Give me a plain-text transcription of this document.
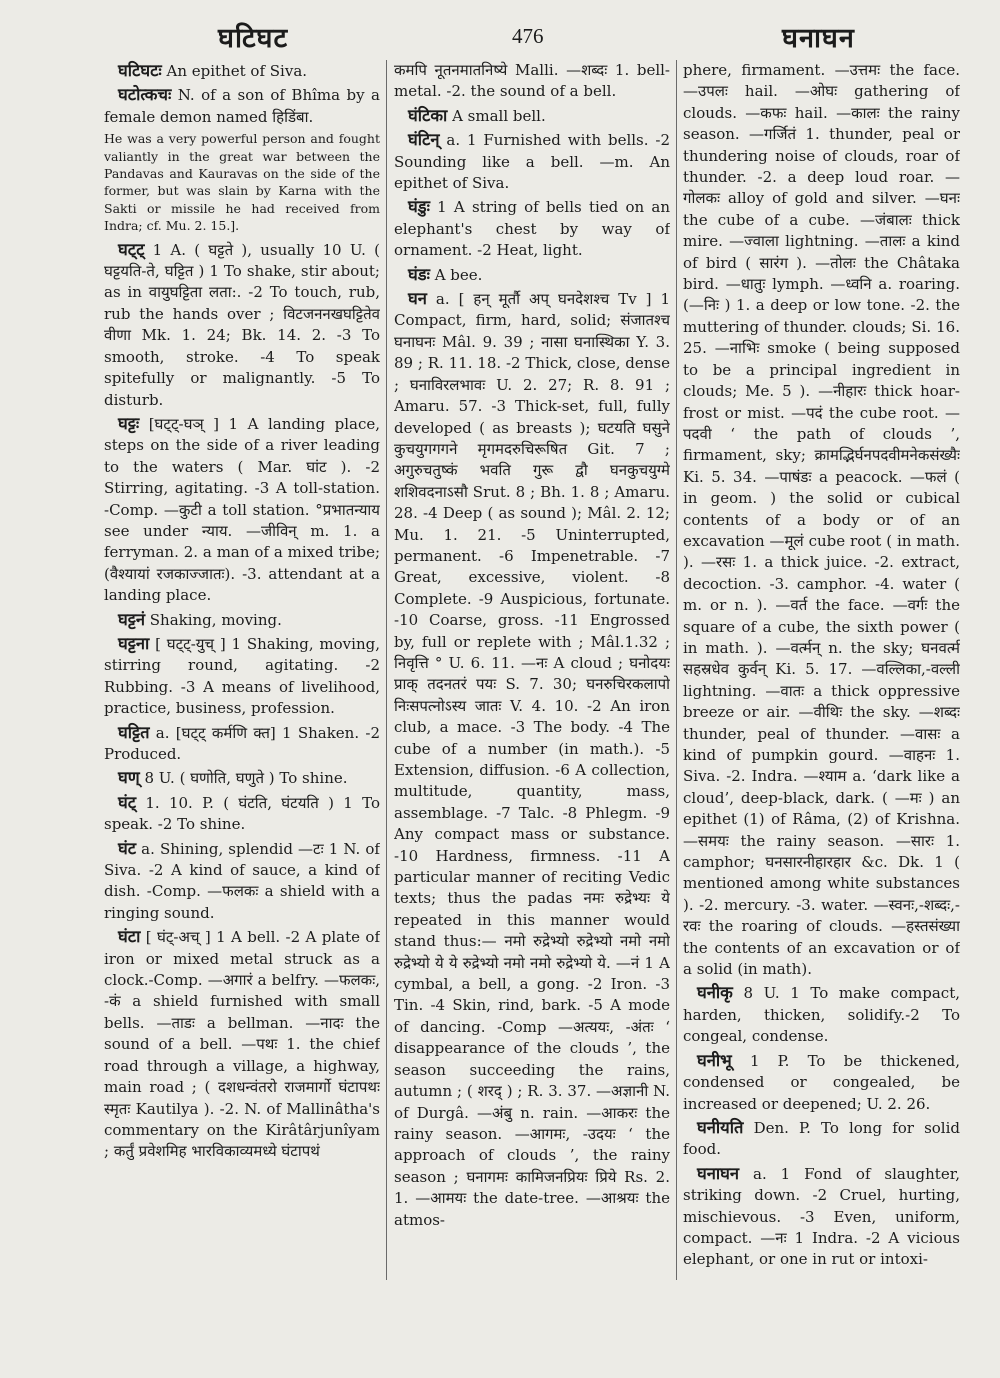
घटिघट	476	घनाघन

घटिघटः An epithet of Siva.

घटोत्कचः N. of a son of Bhîma by a female demon named हिडिंबा.

He was a very powerful person and fought valiantly in the great war between the Pandavas and Kauravas on the side of the former, but was slain by Karna with the Sakti or missile he had received from Indra; cf. Mu. 2. 15.].

घट्ट् 1 A. ( घट्टते ), usually 10 U. ( घट्टयति-ते, घट्टित ) 1 To shake, stir about; as in वायुघट्टिता लता:. -2 To touch, rub, rub the hands over ; विटजननखघट्टितेव वीणा Mk. 1. 24; Bk. 14. 2. -3 To smooth, stroke. -4 To speak spitefully or malignantly. -5 To disturb.

घट्टः [घट्ट्-घञ् ] 1 A landing place, steps on the side of a river leading to the waters ( Mar. घांट ). -2 Stirring, agitating. -3 A toll-station. -Comp. —कुटी a toll station. °प्रभातन्याय see under न्याय. —जीविन् m. 1. a ferryman. 2. a man of a mixed tribe; (वैश्यायां रजकाज्जातः). -3. attendant at a landing place.

घट्टनं Shaking, moving.

घट्टना [ घट्ट्-युच् ] 1 Shaking, moving, stirring round, agitating. -2 Rubbing. -3 A means of livelihood, practice, business, profession.

घट्टित a. [घट्ट् कर्मणि क्त] 1 Shaken. -2 Produced.

घण् 8 U. ( घणोति, घणुते ) To shine.

घंट् 1. 10. P. ( घंटति, घंटयति ) 1 To speak. -2 To shine.

घंट a. Shining, splendid —टः 1 N. of Siva. -2 A kind of sauce, a kind of dish. -Comp. —फलकः a shield with a ringing sound.

घंटा [ घंट्-अच् ] 1 A bell. -2 A plate of iron or mixed metal struck as a clock.-Comp. —अगारं a belfry. —फलकः, -कं a shield furnished with small bells. —ताडः a bellman. —नादः the sound of a bell. —पथः 1. the chief road through a village, a highway, main road ; ( दशधन्वंतरो राजमार्गो घंटापथः स्मृतः Kautilya ). -2. N. of Mallinâtha's commentary on the Kirâtârjunîyam ; कर्तुं प्रवेशमिह भारविकाव्यमध्ये घंटापथं

कमपि नूतनमातनिष्ये Malli. —शब्दः 1. bell-metal. -2. the sound of a bell.

घंटिका A small bell.

घंटिन् a. 1 Furnished with bells. -2 Sounding like a bell. —m. An epithet of Siva.

घंडुः 1 A string of bells tied on an elephant's chest by way of ornament. -2 Heat, light.

घंडः A bee.

घन a. [ हन् मूर्तौ अप् घनदेशश्च Tv ] 1 Compact, firm, hard, solid; संजातश्च घनाघनः Mâl. 9. 39 ; नासा घनास्थिका Y. 3. 89 ; R. 11. 18. -2 Thick, close, dense ; घनाविरलभावः U. 2. 27; R. 8. 91 ; Amaru. 57. -3 Thick-set, full, fully developed ( as breasts ); घटयति घसुने कुचयुगगगने मृगमदरुचिरूषित Git. 7 ; अगुरुचतुष्कं भवति गुरू द्वौ घनकुचयुग्मे शशिवदनाऽसौ Srut. 8 ; Bh. 1. 8 ; Amaru. 28. -4 Deep ( as sound ); Mâl. 2. 12; Mu. 1. 21. -5 Uninterrupted, permanent. -6 Impenetrable. -7 Great, excessive, violent. -8 Complete. -9 Auspicious, fortunate. -10 Coarse, gross. -11 Engrossed by, full or replete with ; Mâl.1.32 ; निवृत्ति ° U. 6. 11. —नः A cloud ; घनोदयः प्राक् तदनतरं पयः S. 7. 30; घनरुचिरकलापो निःसपत्नोऽस्य जातः V. 4. 10. -2 An iron club, a mace. -3 The body. -4 The cube of a number (in math.). -5 Extension, diffusion. -6 A collection, multitude, quantity, mass, assemblage. -7 Talc. -8 Phlegm. -9 Any compact mass or substance. -10 Hardness, firmness. -11 A particular manner of reciting Vedic texts; thus the padas नमः रुद्रेभ्यः ये repeated in this manner would stand thus:— नमो रुद्रेभ्यो रुद्रेभ्यो नमो नमो रुद्रेभ्यो ये ये रुद्रेभ्यो नमो नमो रुद्रेभ्यो ये. —नं 1 A cymbal, a bell, a gong. -2 Iron. -3 Tin. -4 Skin, rind, bark. -5 A mode of dancing. -Comp —अत्ययः, -अंतः ‘ disappearance of the clouds ’, the season succeeding the rains, autumn ; ( शरद् ) ; R. 3. 37. —अज्ञानी N. of Durgâ. —अंबु n. rain. —आकरः the rainy season. —आगमः, -उदयः ‘ the approach of clouds ’, the rainy season ; घनागमः कामिजनप्रियः प्रिये Rs. 2. 1. —आमयः the date-tree. —आश्रयः the atmos-

phere, firmament. —उत्तमः the face. —उपलः hail. —ओघः gathering of clouds. —कफः hail. —कालः the rainy season. —गर्जितं 1. thunder, peal or thundering noise of clouds, roar of thunder. -2. a deep loud roar. —गोलकः alloy of gold and silver. —घनः the cube of a cube. —जंबालः thick mire. —ज्वाला lightning. —तालः a kind of bird ( सारंग ). —तोलः the Châtaka bird. —धातुः lymph. —ध्वनि a. roaring. (—निः ) 1. a deep or low tone. -2. the muttering of thunder. clouds; Si. 16. 25. —नाभिः smoke ( being supposed to be a principal ingredient in clouds; Me. 5 ). —नीहारः thick hoar-frost or mist. —पदं the cube root. —पदवी ‘ the path of clouds ’, firmament, sky; क्रामद्भिर्घनपदवीमनेकसंख्यैः Ki. 5. 34. —पाषंडः a peacock. —फलं ( in geom. ) the solid or cubical contents of a body or of an excavation —मूलं cube root ( in math. ). —रसः 1. a thick juice. -2. extract, decoction. -3. camphor. -4. water ( m. or n. ). —वर्त the face. —वर्गः the square of a cube, the sixth power ( in math. ). —वर्त्मन् n. the sky; घनवर्त्म सहस्रधेव कुर्वन् Ki. 5. 17. —वल्लिका,-वल्ली lightning. —वातः a thick oppressive breeze or air. —वीथिः the sky. —शब्दः thunder, peal of thunder. —वासः a kind of pumpkin gourd. —वाहनः 1. Siva. -2. Indra. —श्याम a. ‘dark like a cloud’, deep-black, dark. ( —मः ) an epithet (1) of Râma, (2) of Krishna. —समयः the rainy season. —सारः 1. camphor; घनसारनीहारहार &c. Dk. 1 ( mentioned among white substances ). -2. mercury. -3. water. —स्वनः,-शब्दः,-रवः the roaring of clouds. —हस्तसंख्या the contents of an excavation or of a solid (in math).

घनीकृ 8 U. 1 To make compact, harden, thicken, solidify.-2 To congeal, condense.

घनीभू 1 P. To be thickened, condensed or congealed, be increased or deepened; U. 2. 26.

घनीयति Den. P. To long for solid food.

घनाघन a. 1 Fond of slaughter, striking down. -2 Cruel, hurting, mischievous. -3 Even, uniform, compact. —नः 1 Indra. -2 A vicious elephant, or one in rut or intoxi-
